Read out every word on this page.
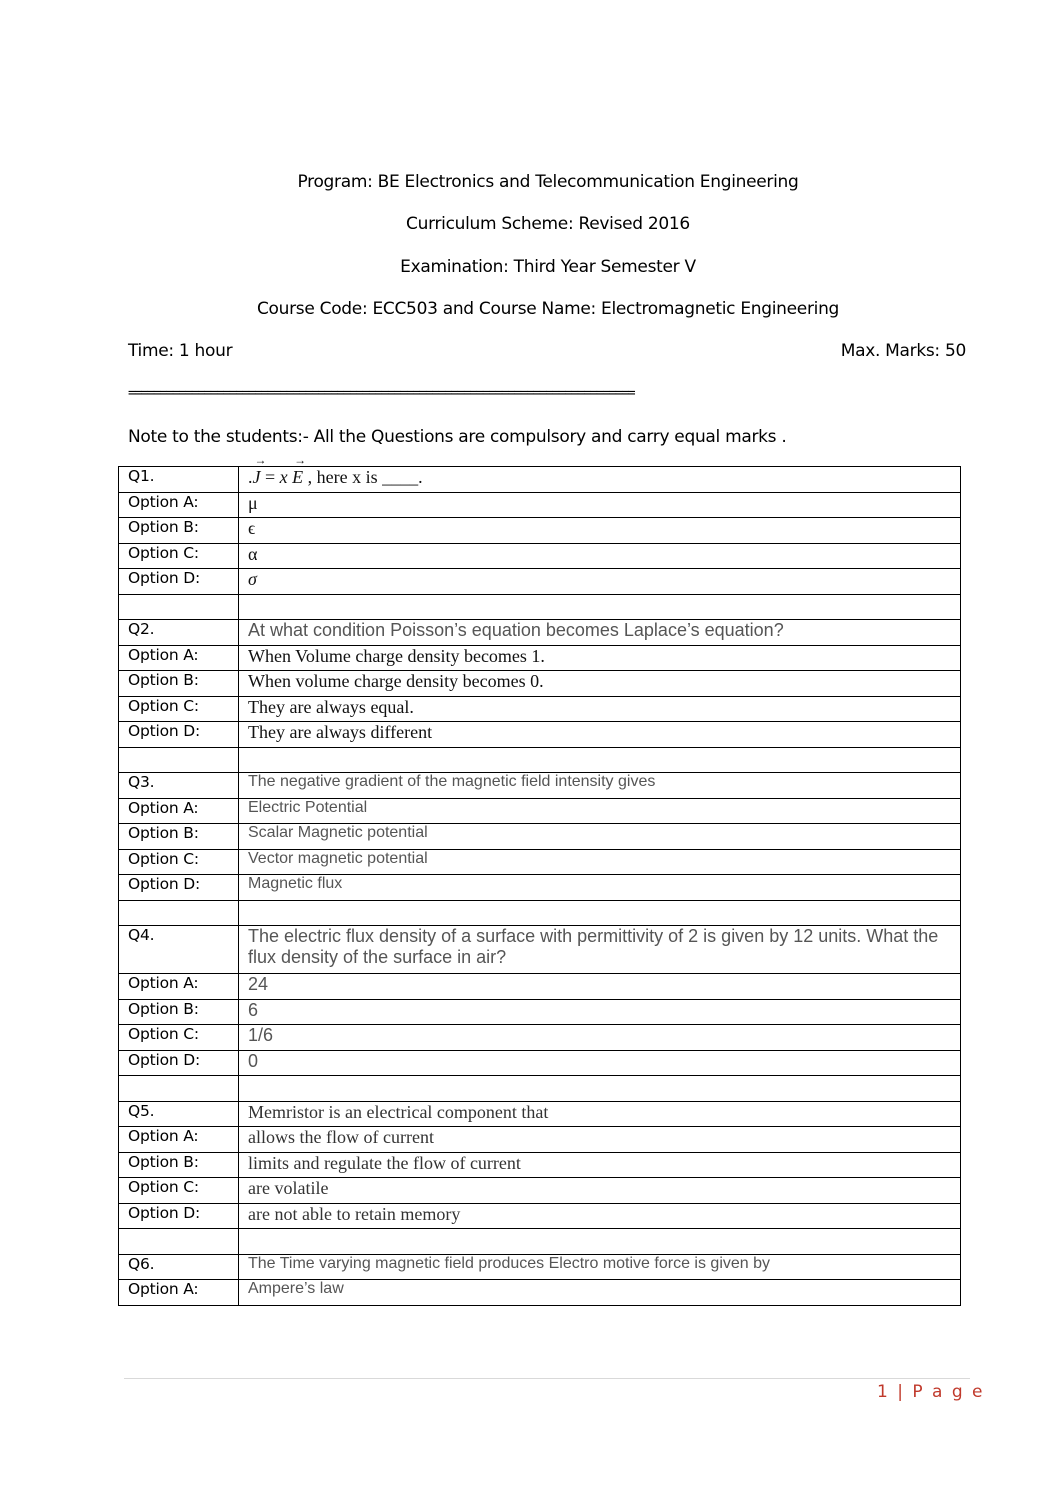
Program: BE Electronics and Telecommunication Engineering
Curriculum Scheme: Revised 2016
Examination: Third Year Semester V
Course Code: ECC503 and Course Name: Electromagnetic Engineering
Time: 1 hour	Max. Marks: 50
================================================================================
Note to the students:- All the Questions are compulsory and carry equal marks .
Q1.	.
→
J = x
→
E , here x is ____.
Option A:	μ
Option B:	ϵ
Option C:	α
Option D:	σ

Q2.	At what condition Poisson’s equation becomes Laplace’s equation?
Option A:	When Volume charge density becomes 1.
Option B:	When volume charge density becomes 0.
Option C:	They are always equal.
Option D:	They are always different

Q3.	The negative gradient of the magnetic field intensity gives
Option A:	Electric Potential
Option B:	Scalar Magnetic potential
Option C:	Vector magnetic potential
Option D:	Magnetic flux

Q4.	The electric flux density of a surface with permittivity of 2 is given by 12 units. What the flux density of the surface in air?
Option A:	24
Option B:	6
Option C:	1/6
Option D:	0

Q5.	Memristor is an electrical component that
Option A:	allows the flow of current
Option B:	limits and regulate the flow of current
Option C:	are volatile
Option D:	are not able to retain memory

Q6.	The Time varying magnetic field produces Electro motive force is given by
Option A:	Ampere’s law
1 | P a g e
